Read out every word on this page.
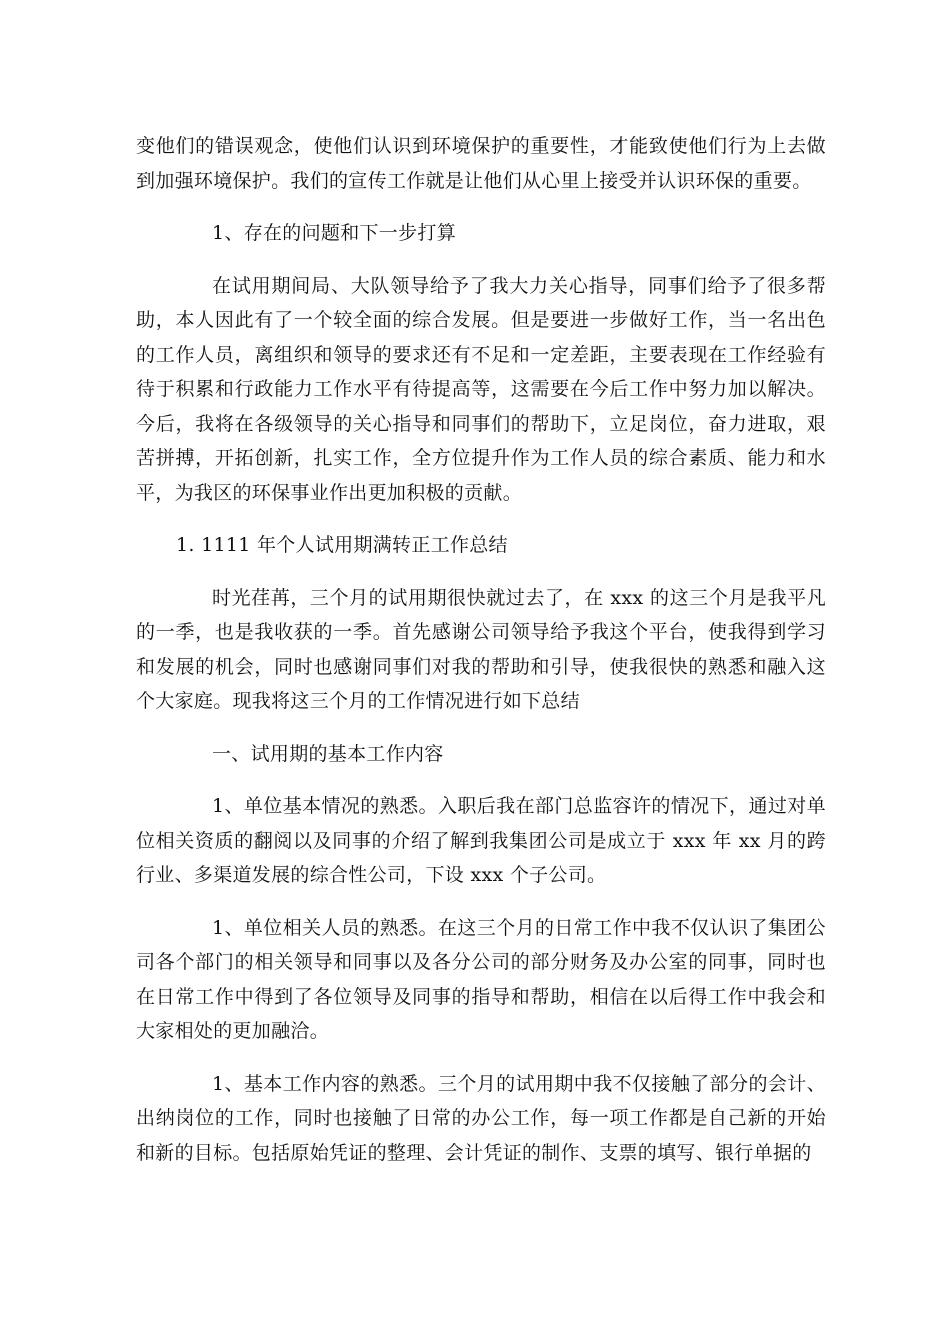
变他们的错误观念，使他们认识到环境保护的重要性，才能致使他们行为上去做到加强环境保护。我们的宣传工作就是让他们从心里上接受并认识环保的重要。

1、存在的问题和下一步打算

在试用期间局、大队领导给予了我大力关心指导，同事们给予了很多帮助，本人因此有了一个较全面的综合发展。但是要进一步做好工作，当一名出色的工作人员，离组织和领导的要求还有不足和一定差距，主要表现在工作经验有待于积累和行政能力工作水平有待提高等，这需要在今后工作中努力加以解决。今后，我将在各级领导的关心指导和同事们的帮助下，立足岗位，奋力进取，艰苦拼搏，开拓创新，扎实工作，全方位提升作为工作人员的综合素质、能力和水平，为我区的环保事业作出更加积极的贡献。

1. 1111 年个人试用期满转正工作总结

时光荏苒，三个月的试用期很快就过去了，在 xxx 的这三个月是我平凡的一季，也是我收获的一季。首先感谢公司领导给予我这个平台，使我得到学习和发展的机会，同时也感谢同事们对我的帮助和引导，使我很快的熟悉和融入这个大家庭。现我将这三个月的工作情况进行如下总结

一、试用期的基本工作内容

1、单位基本情况的熟悉。入职后我在部门总监容许的情况下，通过对单位相关资质的翻阅以及同事的介绍了解到我集团公司是成立于 xxx 年 xx 月的跨行业、多渠道发展的综合性公司，下设 xxx 个子公司。

1、单位相关人员的熟悉。在这三个月的日常工作中我不仅认识了集团公司各个部门的相关领导和同事以及各分公司的部分财务及办公室的同事，同时也在日常工作中得到了各位领导及同事的指导和帮助，相信在以后得工作中我会和大家相处的更加融洽。

1、基本工作内容的熟悉。三个月的试用期中我不仅接触了部分的会计、出纳岗位的工作，同时也接触了日常的办公工作，每一项工作都是自己新的开始和新的目标。包括原始凭证的整理、会计凭证的制作、支票的填写、银行单据的
